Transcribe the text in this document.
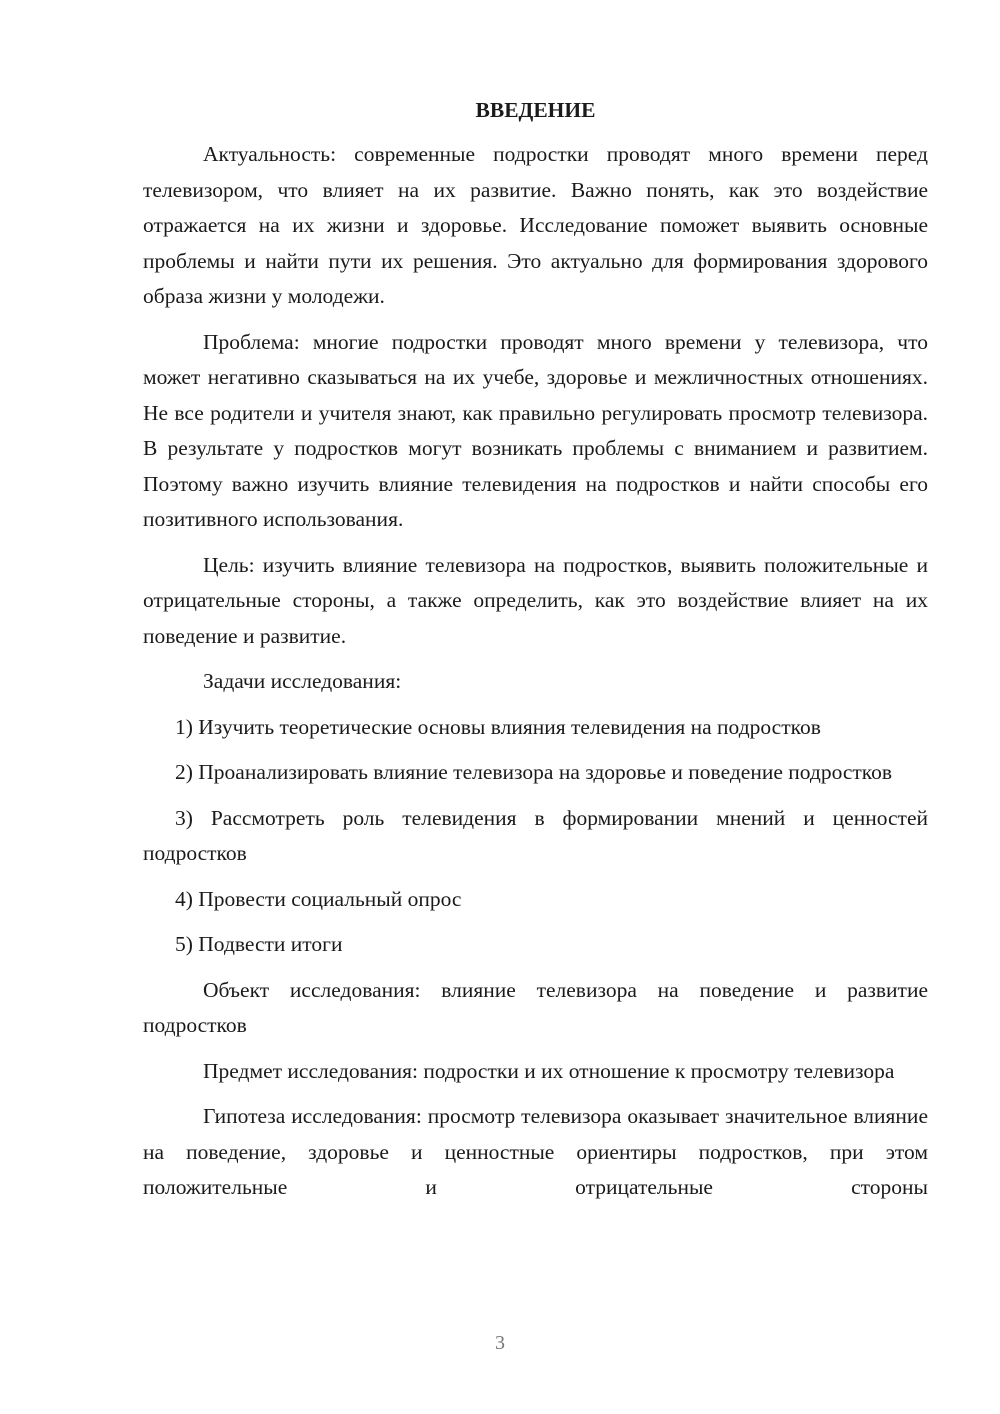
ВВЕДЕНИЕ

Актуальность: современные подростки проводят много времени перед телевизором, что влияет на их развитие. Важно понять, как это воздействие отражается на их жизни и здоровье. Исследование поможет выявить основные проблемы и найти пути их решения. Это актуально для формирования здорового образа жизни у молодежи.

Проблема: многие подростки проводят много времени у телевизора, что может негативно сказываться на их учебе, здоровье и межличностных отношениях. Не все родители и учителя знают, как правильно регулировать просмотр телевизора. В результате у подростков могут возникать проблемы с вниманием и развитием. Поэтому важно изучить влияние телевидения на подростков и найти способы его позитивного использования.

Цель: изучить влияние телевизора на подростков, выявить положительные и отрицательные стороны, а также определить, как это воздействие влияет на их поведение и развитие.

Задачи исследования:

1) Изучить теоретические основы влияния телевидения на подростков

2) Проанализировать влияние телевизора на здоровье и поведение подростков

3) Рассмотреть роль телевидения в формировании мнений и ценностей подростков

4) Провести социальный опрос

5) Подвести итоги

Объект исследования: влияние телевизора на поведение и развитие подростков

Предмет исследования: подростки и их отношение к просмотру телевизора

Гипотеза исследования: просмотр телевизора оказывает значительное влияние на поведение, здоровье и ценностные ориентиры подростков, при этом положительные и отрицательные стороны

3
